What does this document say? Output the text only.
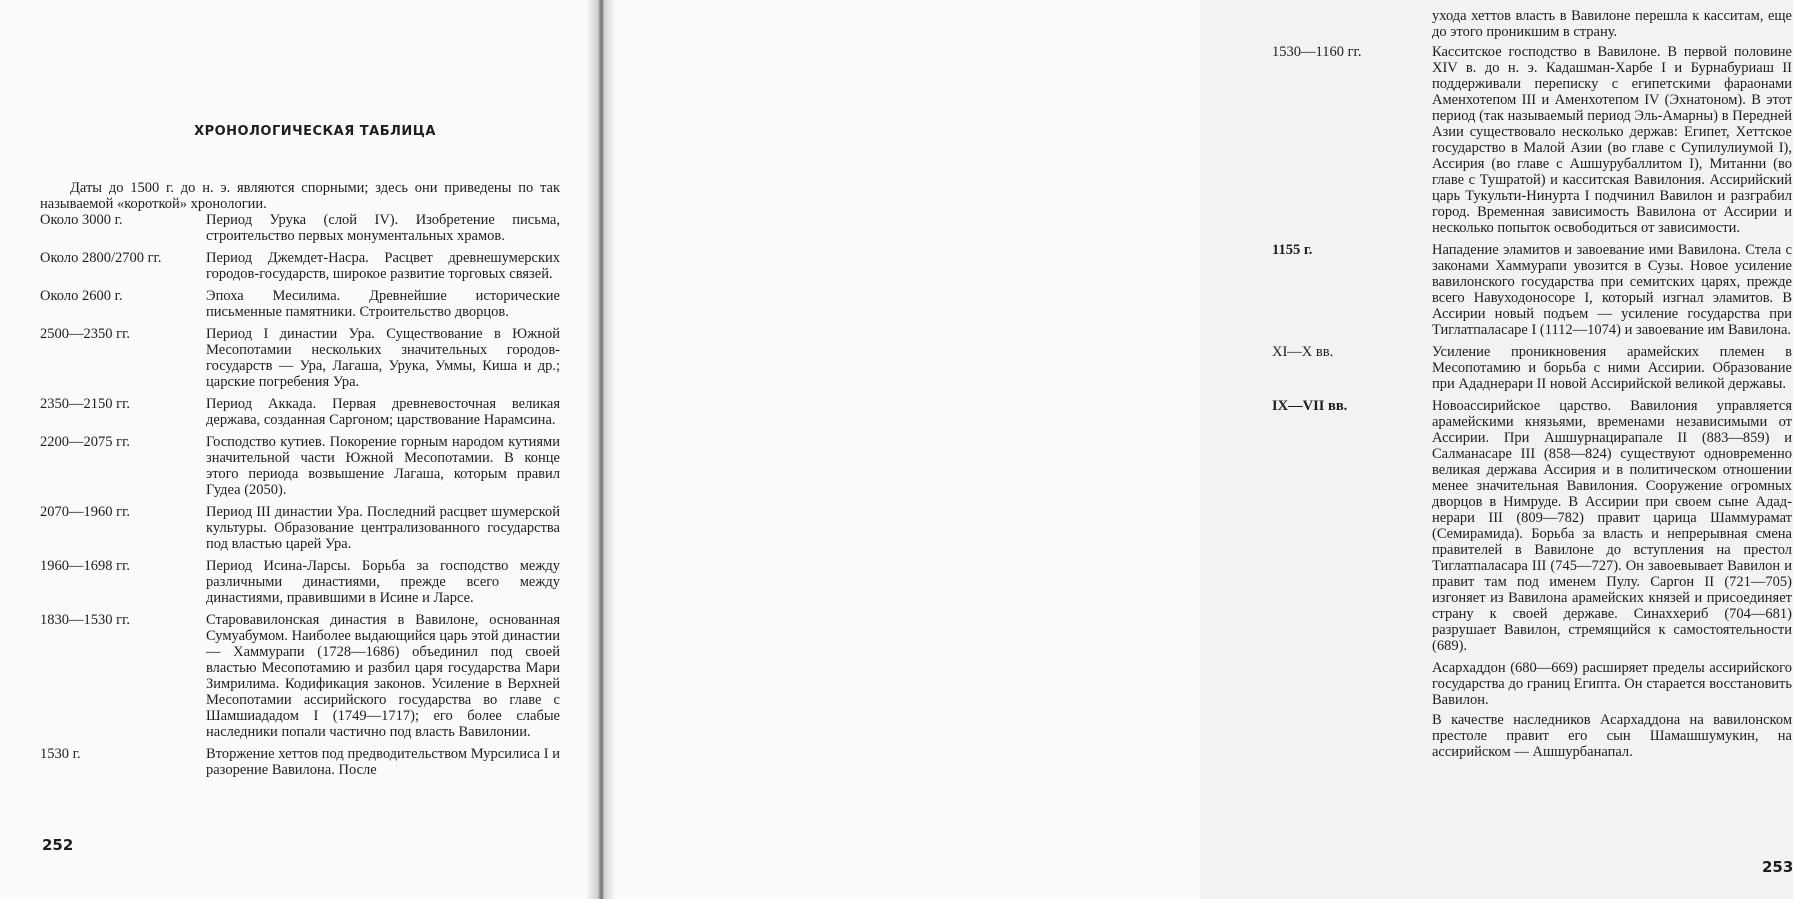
ХРОНОЛОГИЧЕСКАЯ ТАБЛИЦА
Даты до 1500 г. до н. э. являются спорными; здесь они приведены по так называемой «короткой» хронологии.
Около 3000 г.	Период Урука (слой IV). Изобретение письма, строительство первых монументальных храмов.
Около 2800/2700 гг.	Период Джемдет-Насра. Расцвет древнешумерских городов-государств, широкое развитие торговых связей.
Около 2600 г.	Эпоха Месилима. Древнейшие исторические письменные памятники. Строительство дворцов.
2500—2350 гг.	Период I династии Ура. Существование в Южной Месопотамии нескольких значительных городов-государств — Ура, Лагаша, Урука, Уммы, Киша и др.; царские погребения Ура.
2350—2150 гг.	Период Аккада. Первая древневосточная великая держава, созданная Саргоном; царствование Нарамсина.
2200—2075 гг.	Господство кутиев. Покорение горным народом кутиями значительной части Южной Месопотамии. В конце этого периода возвышение Лагаша, которым правил Гудеа (2050).
2070—1960 гг.	Период III династии Ура. Последний расцвет шумерской культуры. Образование централизованного государства под властью царей Ура.
1960—1698 гг.	Период Исина-Ларсы. Борьба за господство между различными династиями, прежде всего между династиями, правившими в Исине и Ларсе.
1830—1530 гг.	Старовавилонская династия в Вавилоне, основанная Сумуабумом. Наиболее выдающийся царь этой династии — Хаммурапи (1728—1686) объединил под своей властью Месопотамию и разбил царя государства Мари Зимрилима. Кодификация законов. Усиление в Верхней Месопотамии ассирийского государства во главе с Шамшиададом I (1749—1717); его более слабые наследники попали частично под власть Вавилонии.
1530 г.	Вторжение хеттов под предводительством Мурсилиса I и разорение Вавилона. После
252
ухода хеттов власть в Вавилоне перешла к касситам, еще до этого проникшим в страну.
1530—1160 гг.	Касситское господство в Вавилоне. В первой половине XIV в. до н. э. Кадашман-Харбе I и Бурнабуриаш II поддерживали переписку с египетскими фараонами Аменхотепом III и Аменхотепом IV (Эхнатоном). В этот период (так называемый период Эль-Амарны) в Передней Азии существовало несколько держав: Египет, Хеттское государство в Малой Азии (во главе с Супилулиумой I), Ассирия (во главе с Ашшурубаллитом I), Митанни (во главе с Тушратой) и касситская Вавилония. Ассирийский царь Тукульти-Нинурта I подчинил Вавилон и разграбил город. Временная зависимость Вавилона от Ассирии и несколько попыток освободиться от зависимости.
1155 г.	Нападение эламитов и завоевание ими Вавилона. Стела с законами Хаммурапи увозится в Сузы. Новое усиление вавилонского государства при семитских царях, прежде всего Навуходоносоре I, который изгнал эламитов. В Ассирии новый подъем — усиление государства при Тиглатпаласаре I (1112—1074) и завоевание им Вавилона.
XI—X вв.	Усиление проникновения арамейских племен в Месопотамию и борьба с ними Ассирии. Образование при Ададнерари II новой Ассирийской великой державы.
IX—VII вв.	Новоассирийское царство. Вавилония управляется арамейскими князьями, временами независимыми от Ассирии. При Ашшурнацирапале II (883—859) и Салманасаре III (858—824) существуют одновременно великая держава Ассирия и в политическом отношении менее значительная Вавилония. Сооружение огромных дворцов в Нимруде. В Ассирии при своем сыне Адад-нерари III (809—782) правит царица Шаммурамат (Семирамида). Борьба за власть и непрерывная смена правителей в Вавилоне до вступления на престол Тиглатпаласара III (745—727). Он завоевывает Вавилон и правит там под именем Пулу. Саргон II (721—705) изгоняет из Вавилона арамейских князей и присоединяет страну к своей державе. Синаххериб (704—681) разрушает Вавилон, стремящийся к самостоятельности (689).
Асархаддон (680—669) расширяет пределы ассирийского государства до границ Египта. Он старается восстановить Вавилон.
В качестве наследников Асархаддона на вавилонском престоле правит его сын Шамашшумукин, на ассирийском — Ашшурбанапал.
253
